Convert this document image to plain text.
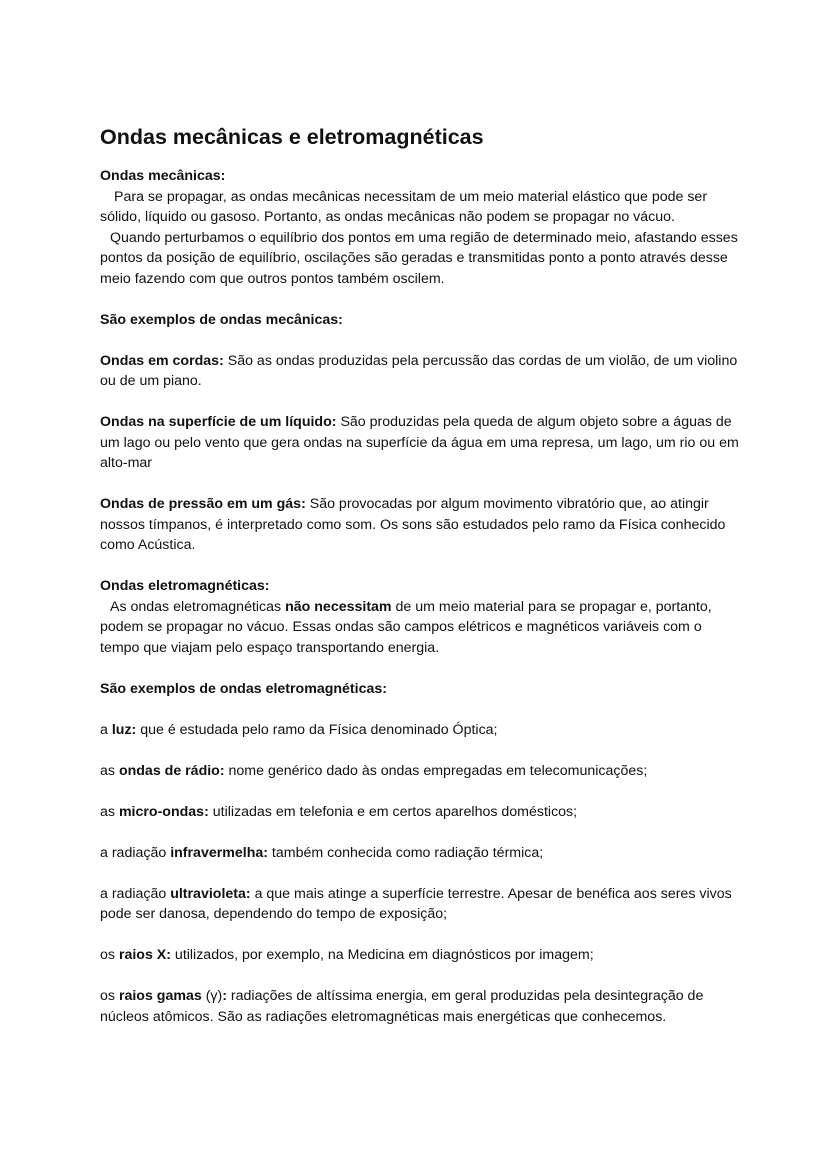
Ondas mecânicas e eletromagnéticas

Ondas mecânicas:

Para se propagar, as ondas mecânicas necessitam de um meio material elástico que pode ser sólido, líquido ou gasoso. Portanto, as ondas mecânicas não podem se propagar no vácuo.

Quando perturbamos o equilíbrio dos pontos em uma região de determinado meio, afastando esses pontos da posição de equilíbrio, oscilações são geradas e transmitidas ponto a ponto através desse meio fazendo com que outros pontos também oscilem.

São exemplos de ondas mecânicas:

Ondas em cordas: São as ondas produzidas pela percussão das cordas de um violão, de um violino ou de um piano.

Ondas na superfície de um líquido: São produzidas pela queda de algum objeto sobre a águas de um lago ou pelo vento que gera ondas na superfície da água em uma represa, um lago, um rio ou em alto-mar

Ondas de pressão em um gás: São provocadas por algum movimento vibratório que, ao atingir nossos tímpanos, é interpretado como som. Os sons são estudados pelo ramo da Física conhecido como Acústica.

Ondas eletromagnéticas:

As ondas eletromagnéticas não necessitam de um meio material para se propagar e, portanto, podem se propagar no vácuo. Essas ondas são campos elétricos e magnéticos variáveis com o tempo que viajam pelo espaço transportando energia.

São exemplos de ondas eletromagnéticas:

a luz: que é estudada pelo ramo da Física denominado Óptica;

as ondas de rádio: nome genérico dado às ondas empregadas em telecomunicações;

as micro-ondas: utilizadas em telefonia e em certos aparelhos domésticos;

a radiação infravermelha: também conhecida como radiação térmica;

a radiação ultravioleta: a que mais atinge a superfície terrestre. Apesar de benéfica aos seres vivos pode ser danosa, dependendo do tempo de exposição;

os raios X: utilizados, por exemplo, na Medicina em diagnósticos por imagem;

os raios gamas (γ): radiações de altíssima energia, em geral produzidas pela desintegração de núcleos atômicos. São as radiações eletromagnéticas mais energéticas que conhecemos.
